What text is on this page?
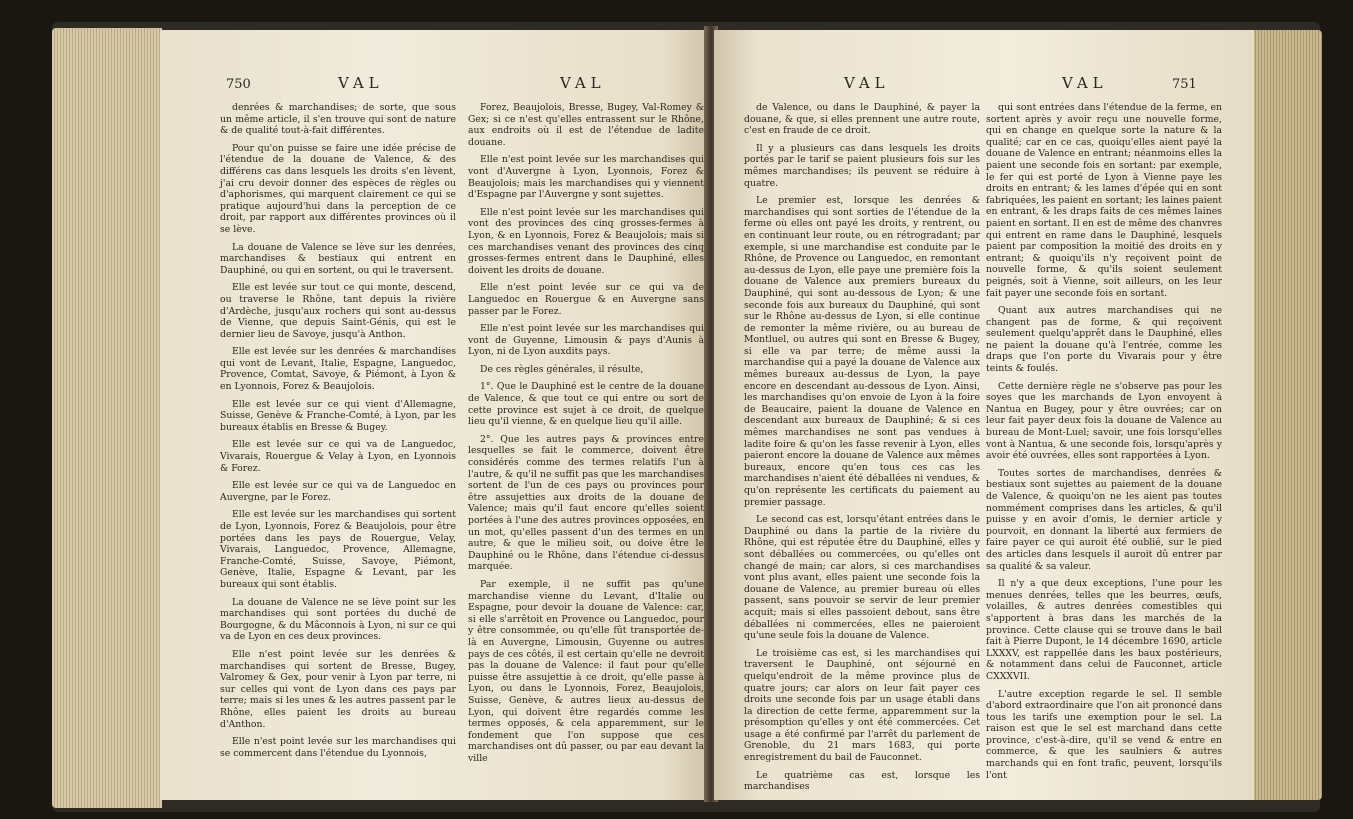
750	VAL	VAL

denrées & marchandises; de sorte, que sous un même article, il s'en trouve qui sont de nature & de qualité tout-à-fait différentes.

Pour qu'on puisse se faire une idée précise de l'étendue de la douane de Valence, & des différens cas dans lesquels les droits s'en lèvent, j'ai cru devoir donner des espèces de règles ou d'aphorismes, qui marquent clairement ce qui se pratique aujourd'hui dans la perception de ce droit, par rapport aux différentes provinces où il se lève.

La douane de Valence se lève sur les denrées, marchandises & bestiaux qui entrent en Dauphiné, ou qui en sortent, ou qui le traversent.

Elle est levée sur tout ce qui monte, descend, ou traverse le Rhône, tant depuis la rivière d'Ardèche, jusqu'aux rochers qui sont au-dessus de Vienne, que depuis Saint-Génis, qui est le dernier lieu de Savoye, jusqu'à Anthon.

Elle est levée sur les denrées & marchandises qui vont de Levant, Italie, Espagne, Languedoc, Provence, Comtat, Savoye, & Piémont, à Lyon & en Lyonnois, Forez & Beaujolois.

Elle est levée sur ce qui vient d'Allemagne, Suisse, Genève & Franche-Comté, à Lyon, par les bureaux établis en Bresse & Bugey.

Elle est levée sur ce qui va de Languedoc, Vivarais, Rouergue & Velay à Lyon, en Lyonnois & Forez.

Elle est levée sur ce qui va de Languedoc en Auvergne, par le Forez.

Elle est levée sur les marchandises qui sortent de Lyon, Lyonnois, Forez & Beaujolois, pour être portées dans les pays de Rouergue, Velay, Vivarais, Languedoc, Provence, Allemagne, Franche-Comté, Suisse, Savoye, Piémont, Genève, Italie, Espagne & Levant, par les bureaux qui sont établis.

La douane de Valence ne se lève point sur les marchandises qui sont portées du duché de Bourgogne, & du Mâconnois à Lyon, ni sur ce qui va de Lyon en ces deux provinces.

Elle n'est point levée sur les denrées & marchandises qui sortent de Bresse, Bugey, Valromey & Gex, pour venir à Lyon par terre, ni sur celles qui vont de Lyon dans ces pays par terre; mais si les unes & les autres passent par le Rhône, elles paient les droits au bureau d'Anthon.

Elle n'est point levée sur les marchandises qui se commercent dans l'étendue du Lyonnois,

Forez, Beaujolois, Bresse, Bugey, Val-Romey & Gex; si ce n'est qu'elles entrassent sur le Rhône, aux endroits où il est de l'étendue de ladite douane.

Elle n'est point levée sur les marchandises qui vont d'Auvergne à Lyon, Lyonnois, Forez & Beaujolois; mais les marchandises qui y viennent d'Espagne par l'Auvergne y sont sujettes.

Elle n'est point levée sur les marchandises qui vont des provinces des cinq grosses-fermes à Lyon, & en Lyonnois, Forez & Beaujolois; mais si ces marchandises venant des provinces des cinq grosses-fermes entrent dans le Dauphiné, elles doivent les droits de douane.

Elle n'est point levée sur ce qui va de Languedoc en Rouergue & en Auvergne sans passer par le Forez.

Elle n'est point levée sur les marchandises qui vont de Guyenne, Limousin & pays d'Aunis à Lyon, ni de Lyon auxdits pays.

De ces règles générales, il résulte,

1°. Que le Dauphiné est le centre de la douane de Valence, & que tout ce qui entre ou sort de cette province est sujet à ce droit, de quelque lieu qu'il vienne, & en quelque lieu qu'il aille.

2°. Que les autres pays & provinces entre lesquelles se fait le commerce, doivent être considérés comme des termes relatifs l'un à l'autre, & qu'il ne suffit pas que les marchandises sortent de l'un de ces pays ou provinces pour être assujetties aux droits de la douane de Valence; mais qu'il faut encore qu'elles soient portées à l'une des autres provinces opposées, en un mot, qu'elles passent d'un des termes en un autre, & que le milieu soit, ou doive être le Dauphiné ou le Rhône, dans l'étendue ci-dessus marquée.

Par exemple, il ne suffit pas qu'une marchandise vienne du Levant, d'Italie ou Espagne, pour devoir la douane de Valence: car, si elle s'arrêtoit en Provence ou Languedoc, pour y être consommée, ou qu'elle fût transportée de-là en Auvergne, Limousin, Guyenne ou autres pays de ces côtés, il est certain qu'elle ne devroit pas la douane de Valence: il faut pour qu'elle puisse être assujettie à ce droit, qu'elle passe à Lyon, ou dans le Lyonnois, Forez, Beaujolois, Suisse, Genève, & autres lieux au-dessus de Lyon, qui doivent être regardés comme les termes opposés, & cela apparemment, sur le fondement que l'on suppose que ces marchandises ont dû passer, ou par eau devant la ville

VAL	VAL	751

de Valence, ou dans le Dauphiné, & payer la douane, & que, si elles prennent une autre route, c'est en fraude de ce droit.

Il y a plusieurs cas dans lesquels les droits portés par le tarif se paient plusieurs fois sur les mêmes marchandises; ils peuvent se réduire à quatre.

Le premier est, lorsque les denrées & marchandises qui sont sorties de l'étendue de la ferme où elles ont payé les droits, y rentrent, ou en continuant leur route, ou en rétrogradant; par exemple, si une marchandise est conduite par le Rhône, de Provence ou Languedoc, en remontant au-dessus de Lyon, elle paye une première fois la douane de Valence aux premiers bureaux du Dauphiné, qui sont au-dessous de Lyon; & une seconde fois aux bureaux du Dauphiné, qui sont sur le Rhône au-dessus de Lyon, si elle continue de remonter la même rivière, ou au bureau de Montluel, ou autres qui sont en Bresse & Bugey, si elle va par terre; de même aussi la marchandise qui a payé la douane de Valence aux mêmes bureaux au-dessus de Lyon, la paye encore en descendant au-dessous de Lyon. Ainsi, les marchandises qu'on envoie de Lyon à la foire de Beaucaire, paient la douane de Valence en descendant aux bureaux de Dauphiné; & si ces mêmes marchandises ne sont pas vendues à ladite foire & qu'on les fasse revenir à Lyon, elles paieront encore la douane de Valence aux mêmes bureaux, encore qu'en tous ces cas les marchandises n'aient été déballées ni vendues, & qu'on représente les certificats du paiement au premier passage.

Le second cas est, lorsqu'étant entrées dans le Dauphiné ou dans la partie de la rivière du Rhône, qui est réputée être du Dauphiné, elles y sont déballées ou commercées, ou qu'elles ont changé de main; car alors, si ces marchandises vont plus avant, elles paient une seconde fois la douane de Valence, au premier bureau où elles passent, sans pouvoir se servir de leur premier acquit; mais si elles passoient debout, sans être déballées ni commercées, elles ne paieroient qu'une seule fois la douane de Valence.

Le troisième cas est, si les marchandises qui traversent le Dauphiné, ont séjourné en quelqu'endroit de la même province plus de quatre jours; car alors on leur fait payer ces droits une seconde fois par un usage établi dans la direction de cette ferme, apparemment sur la présomption qu'elles y ont été commercées. Cet usage a été confirmé par l'arrêt du parlement de Grenoble, du 21 mars 1683, qui porte enregistrement du bail de Fauconnet.

Le quatrième cas est, lorsque les marchandises

qui sont entrées dans l'étendue de la ferme, en sortent après y avoir reçu une nouvelle forme, qui en change en quelque sorte la nature & la qualité; car en ce cas, quoiqu'elles aient payé la douane de Valence en entrant; néanmoins elles la paient une seconde fois en sortant: par exemple, le fer qui est porté de Lyon à Vienne paye les droits en entrant; & les lames d'épée qui en sont fabriquées, les paient en sortant; les laines paient en entrant, & les draps faits de ces mêmes laines paient en sortant. Il en est de même des chanvres qui entrent en rame dans le Dauphiné, lesquels paient par composition la moitié des droits en y entrant; & quoiqu'ils n'y reçoivent point de nouvelle forme, & qu'ils soient seulement peignés, soit à Vienne, soit ailleurs, on les leur fait payer une seconde fois en sortant.

Quant aux autres marchandises qui ne changent pas de forme, & qui reçoivent seulement quelqu'apprêt dans le Dauphiné, elles ne paient la douane qu'à l'entrée, comme les draps que l'on porte du Vivarais pour y être teints & foulés.

Cette dernière règle ne s'observe pas pour les soyes que les marchands de Lyon envoyent à Nantua en Bugey, pour y être ouvrées; car on leur fait payer deux fois la douane de Valence au bureau de Mont-Luel; savoir, une fois lorsqu'elles vont à Nantua, & une seconde fois, lorsqu'après y avoir été ouvrées, elles sont rapportées à Lyon.

Toutes sortes de marchandises, denrées & bestiaux sont sujettes au paiement de la douane de Valence, & quoiqu'on ne les aient pas toutes nommément comprises dans les articles, & qu'il puisse y en avoir d'omis, le dernier article y pourvoit, en donnant la liberté aux fermiers de faire payer ce qui auroit été oublié, sur le pied des articles dans lesquels il auroit dû entrer par sa qualité & sa valeur.

Il n'y a que deux exceptions, l'une pour les menues denrées, telles que les beurres, œufs, volailles, & autres denrées comestibles qui s'apportent à bras dans les marchés de la province. Cette clause qui se trouve dans le bail fait à Pierre Dupont, le 14 décembre 1690, article LXXXV, est rappellée dans les baux postérieurs, & notamment dans celui de Fauconnet, article CXXXVII.

L'autre exception regarde le sel. Il semble d'abord extraordinaire que l'on ait prononcé dans tous les tarifs une exemption pour le sel. La raison est que le sel est marchand dans cette province, c'est-à-dire, qu'il se vend & entre en commerce, & que les saulniers & autres marchands qui en font trafic, peuvent, lorsqu'ils l'ont
